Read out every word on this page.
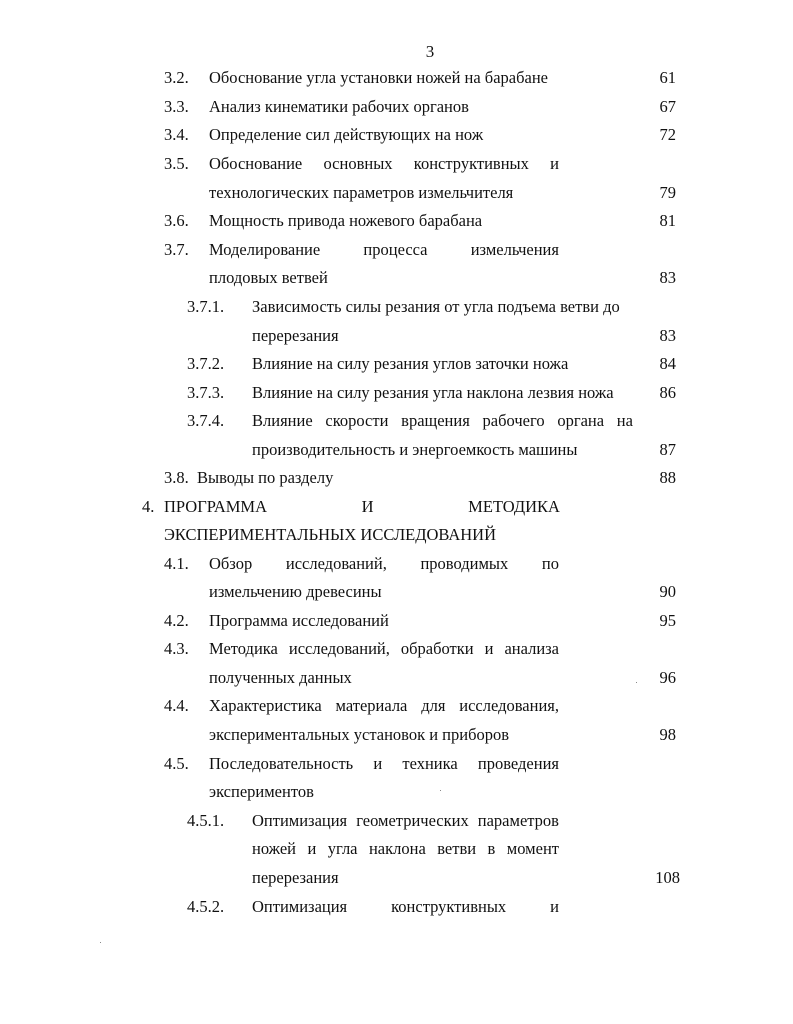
3
3.2. Обоснование угла установки ножей на барабане	61
3.3. Анализ кинематики рабочих органов	67
3.4. Определение сил действующих на нож	72
3.5. Обоснование основных конструктивных и
технологических параметров измельчителя	79
3.6. Мощность привода ножевого барабана	81
3.7. Моделирование	процесса	измельчения
плодовых ветвей	83
3.7.1. Зависимость силы резания от угла подъема ветви до
перерезания	83
3.7.2. Влияние на силу резания углов заточки ножа	84
3.7.3. Влияние на силу резания угла наклона лезвия ножа	86
3.7.4. Влияние скорости вращения рабочего органа на
производительность и энергоемкость машины	87
3.8. Выводы по разделу	88
4. ПРОГРАММА	И	МЕТОДИКА
ЭКСПЕРИМЕНТАЛЬНЫХ ИССЛЕДОВАНИЙ
4.1. Обзор исследований, проводимых по
измельчению древесины	90
4.2. Программа исследований	95
4.3. Методика исследований, обработки и анализа
полученных данных	96
4.4. Характеристика материала для исследования,
экспериментальных установок и приборов	98
4.5. Последовательность и техника проведения
экспериментов
4.5.1. Оптимизация геометрических параметров
ножей и угла наклона ветви в момент
перерезания	108
4.5.2. Оптимизация	конструктивных	и
